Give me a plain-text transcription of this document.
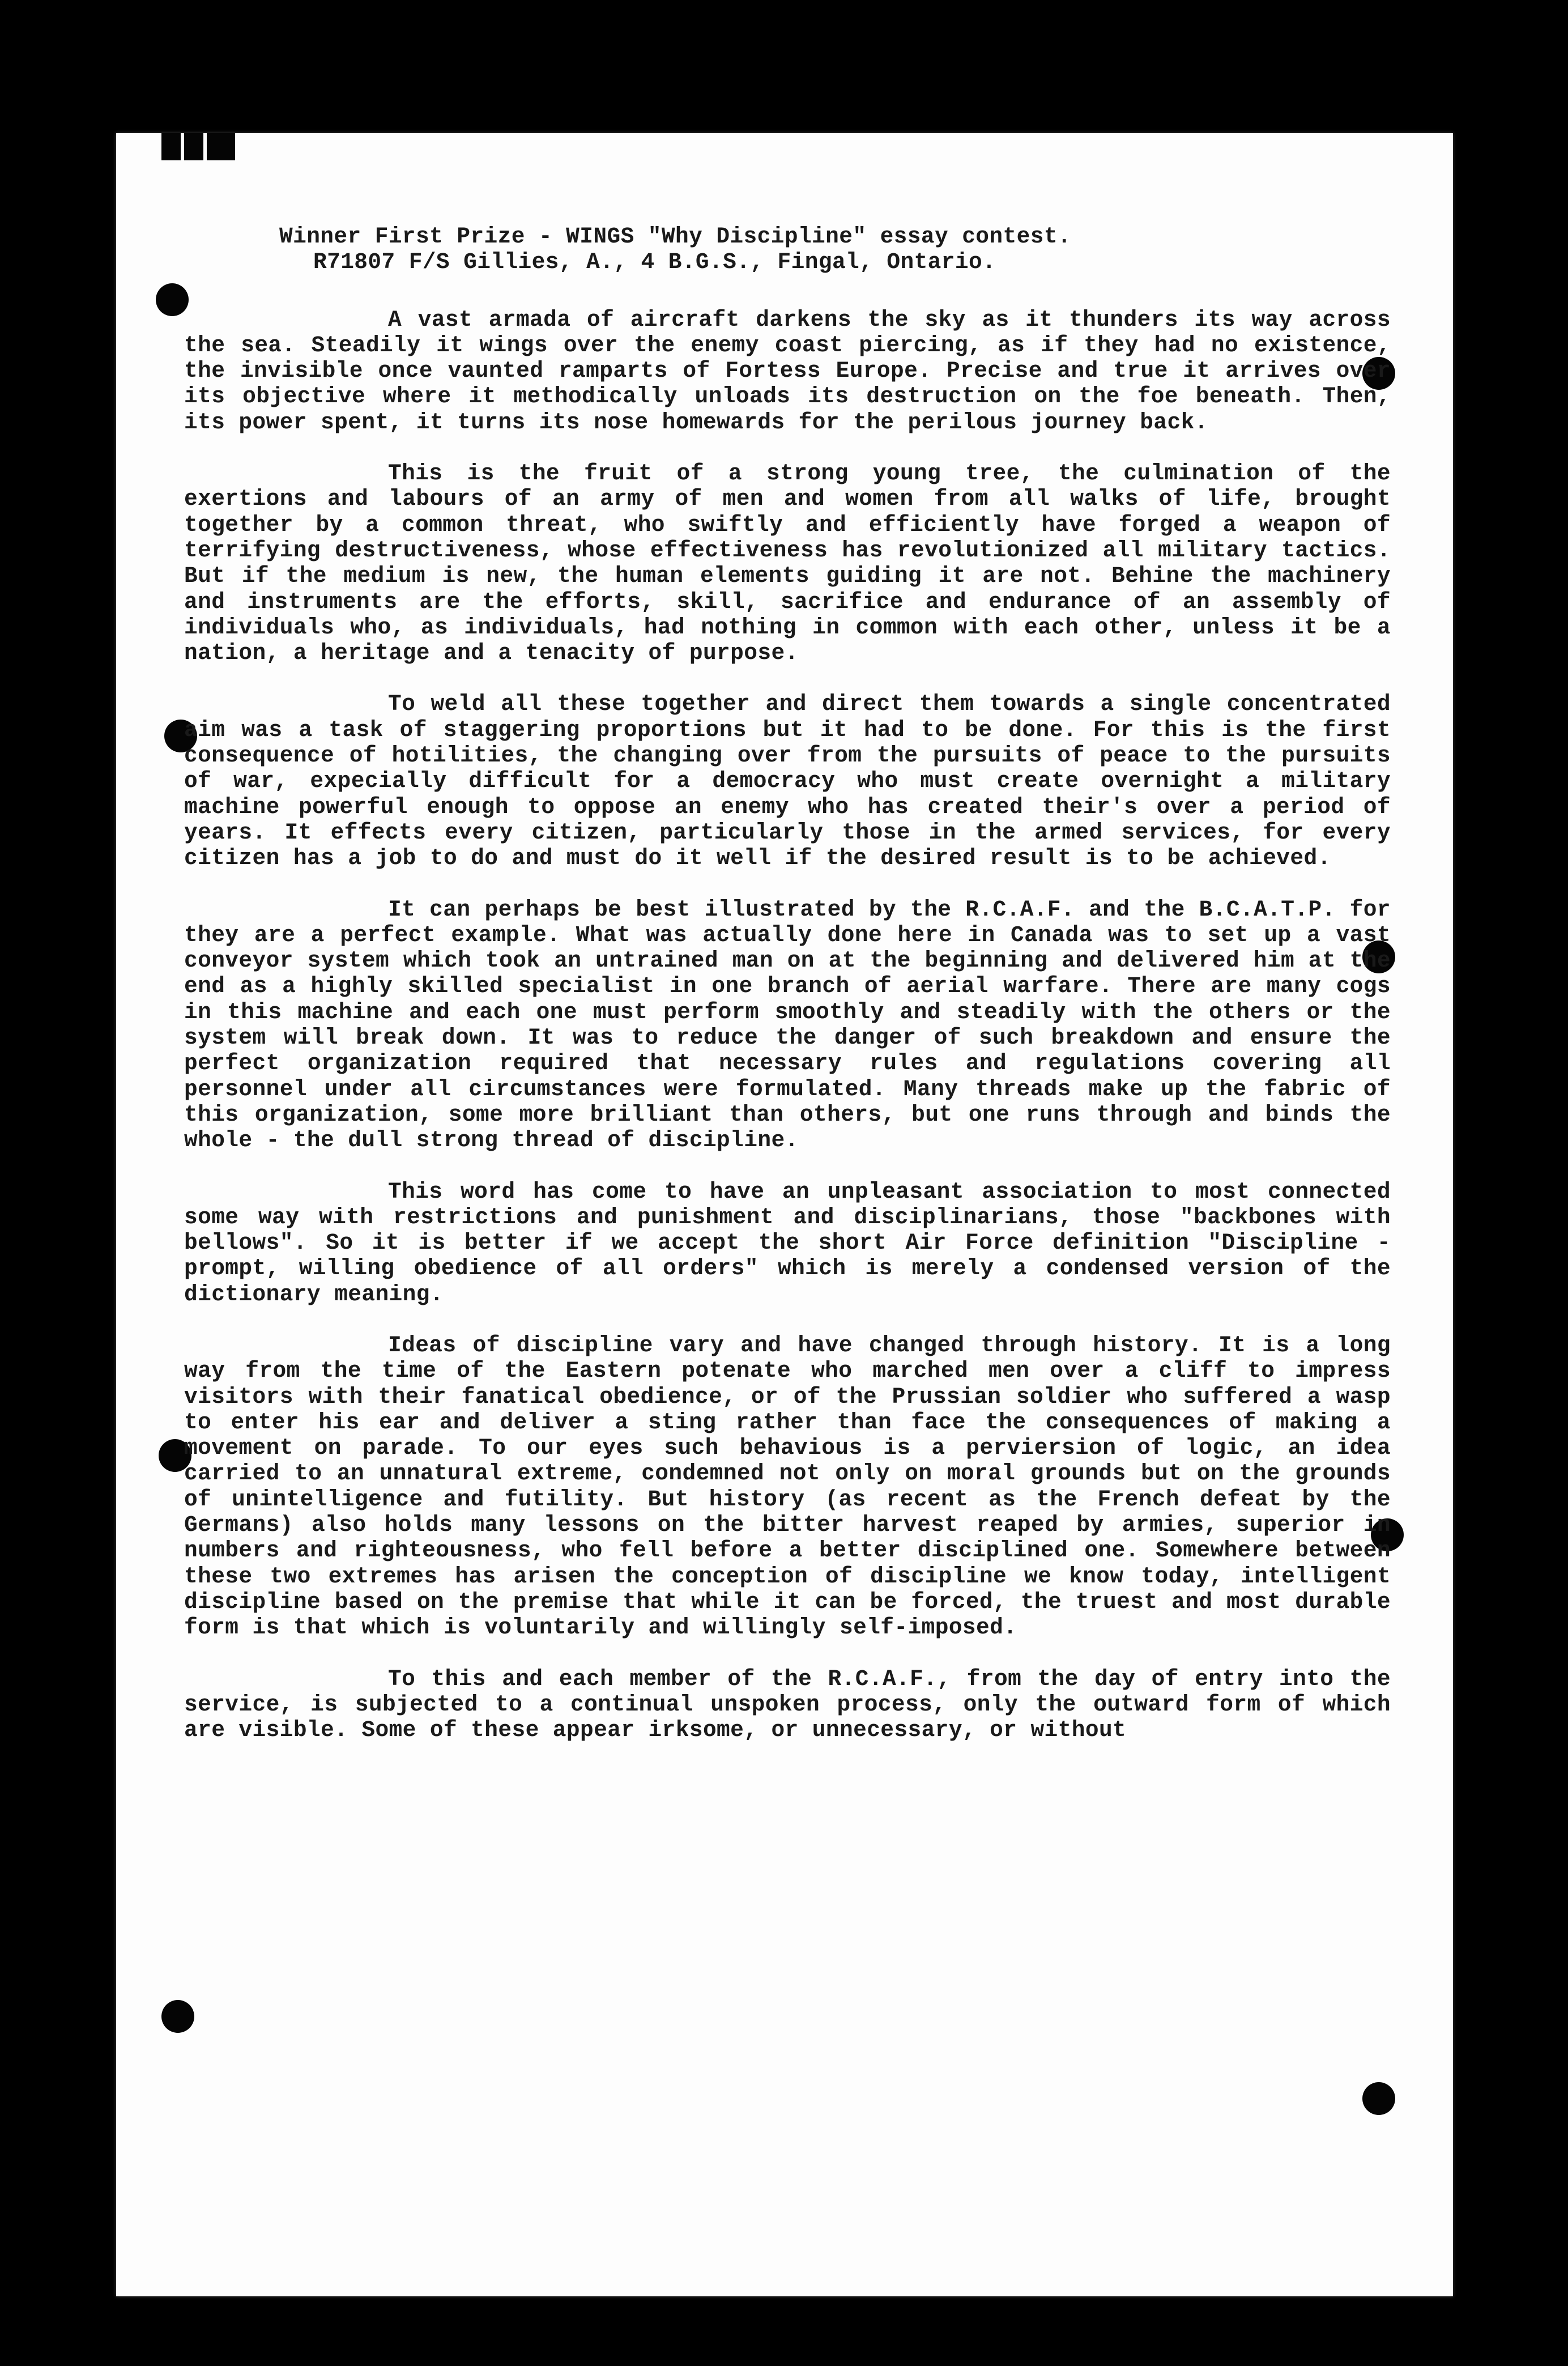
Winner First Prize - WINGS "Why Discipline" essay contest.
R71807 F/S Gillies, A., 4 B.G.S., Fingal, Ontario.

A vast armada of aircraft darkens the sky as it thunders its way across the sea. Steadily it wings over the enemy coast piercing, as if they had no existence, the invisible once vaunted ramparts of Fortess Europe. Precise and true it arrives over its objective where it methodically unloads its destruction on the foe beneath. Then, its power spent, it turns its nose homewards for the perilous journey back.

This is the fruit of a strong young tree, the culmination of the exertions and labours of an army of men and women from all walks of life, brought together by a common threat, who swiftly and efficiently have forged a weapon of terrifying destructiveness, whose effectiveness has revolutionized all military tactics. But if the medium is new, the human elements guiding it are not. Behine the machinery and instruments are the efforts, skill, sacrifice and endurance of an assembly of individuals who, as individuals, had nothing in common with each other, unless it be a nation, a heritage and a tenacity of purpose.

To weld all these together and direct them towards a single concentrated aim was a task of staggering proportions but it had to be done. For this is the first consequence of hotilities, the changing over from the pursuits of peace to the pursuits of war, expecially difficult for a democracy who must create overnight a military machine powerful enough to oppose an enemy who has created their's over a period of years. It effects every citizen, particularly those in the armed services, for every citizen has a job to do and must do it well if the desired result is to be achieved.

It can perhaps be best illustrated by the R.C.A.F. and the B.C.A.T.P. for they are a perfect example. What was actually done here in Canada was to set up a vast conveyor system which took an untrained man on at the beginning and delivered him at the end as a highly skilled specialist in one branch of aerial warfare. There are many cogs in this machine and each one must perform smoothly and steadily with the others or the system will break down. It was to reduce the danger of such breakdown and ensure the perfect organization required that necessary rules and regulations covering all personnel under all circumstances were formulated. Many threads make up the fabric of this organization, some more brilliant than others, but one runs through and binds the whole - the dull strong thread of discipline.

This word has come to have an unpleasant association to most connected some way with restrictions and punishment and disciplinarians, those "backbones with bellows". So it is better if we accept the short Air Force definition "Discipline - prompt, willing obedience of all orders" which is merely a condensed version of the dictionary meaning.

Ideas of discipline vary and have changed through history. It is a long way from the time of the Eastern potenate who marched men over a cliff to impress visitors with their fanatical obedience, or of the Prussian soldier who suffered a wasp to enter his ear and deliver a sting rather than face the consequences of making a movement on parade. To our eyes such behavious is a perviersion of logic, an idea carried to an unnatural extreme, condemned not only on moral grounds but on the grounds of unintelligence and futility. But history (as recent as the French defeat by the Germans) also holds many lessons on the bitter harvest reaped by armies, superior in numbers and righteousness, who fell before a better disciplined one. Somewhere between these two extremes has arisen the conception of discipline we know today, intelligent discipline based on the premise that while it can be forced, the truest and most durable form is that which is voluntarily and willingly self-imposed.

To this and each member of the R.C.A.F., from the day of entry into the service, is subjected to a continual unspoken process, only the outward form of which are visible. Some of these appear irksome, or unnecessary, or without
